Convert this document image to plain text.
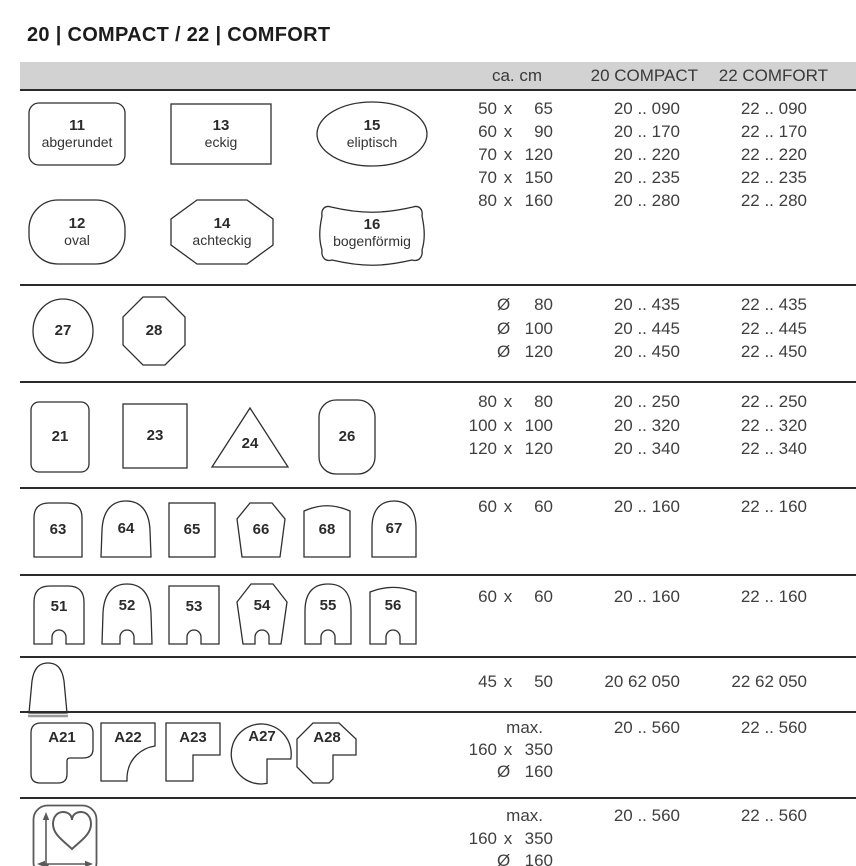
20 | COMPACT / 22 | COMFORT
ca. cm	20 COMPACT 22 COMFORT
11
abgerundet
13
eckig
15
eliptisch
12
oval
14
achteckig
16
bogenförmig
50 x	65	20 .. 090	22 .. 090
60 x	90	20 .. 170	22 .. 170
70 x 120	20 .. 220	22 .. 220
70 x 150	20 .. 235	22 .. 235
80 x 160	20 .. 280	22 .. 280
27	28
Ø	80	20 .. 435	22 .. 435
Ø 100	20 .. 445	22 .. 445
Ø 120	20 .. 450	22 .. 450
21	23	24	26
80 x	80	20 .. 250	22 .. 250
100 x 100	20 .. 320	22 .. 320
120 x 120	20 .. 340	22 .. 340
63	64	65	66	68	67
60 x	60	20 .. 160	22 .. 160
51	52	53	54	55	56	60 x	60	20 .. 160	22 .. 160
45 x	50	20 62 050	22 62 050
A21	A22 A23	A27 A28
max.	20 .. 560	22 .. 560
160 x 350
Ø 160
max.	20 .. 560	22 .. 560
160 x 350
Ø 160
